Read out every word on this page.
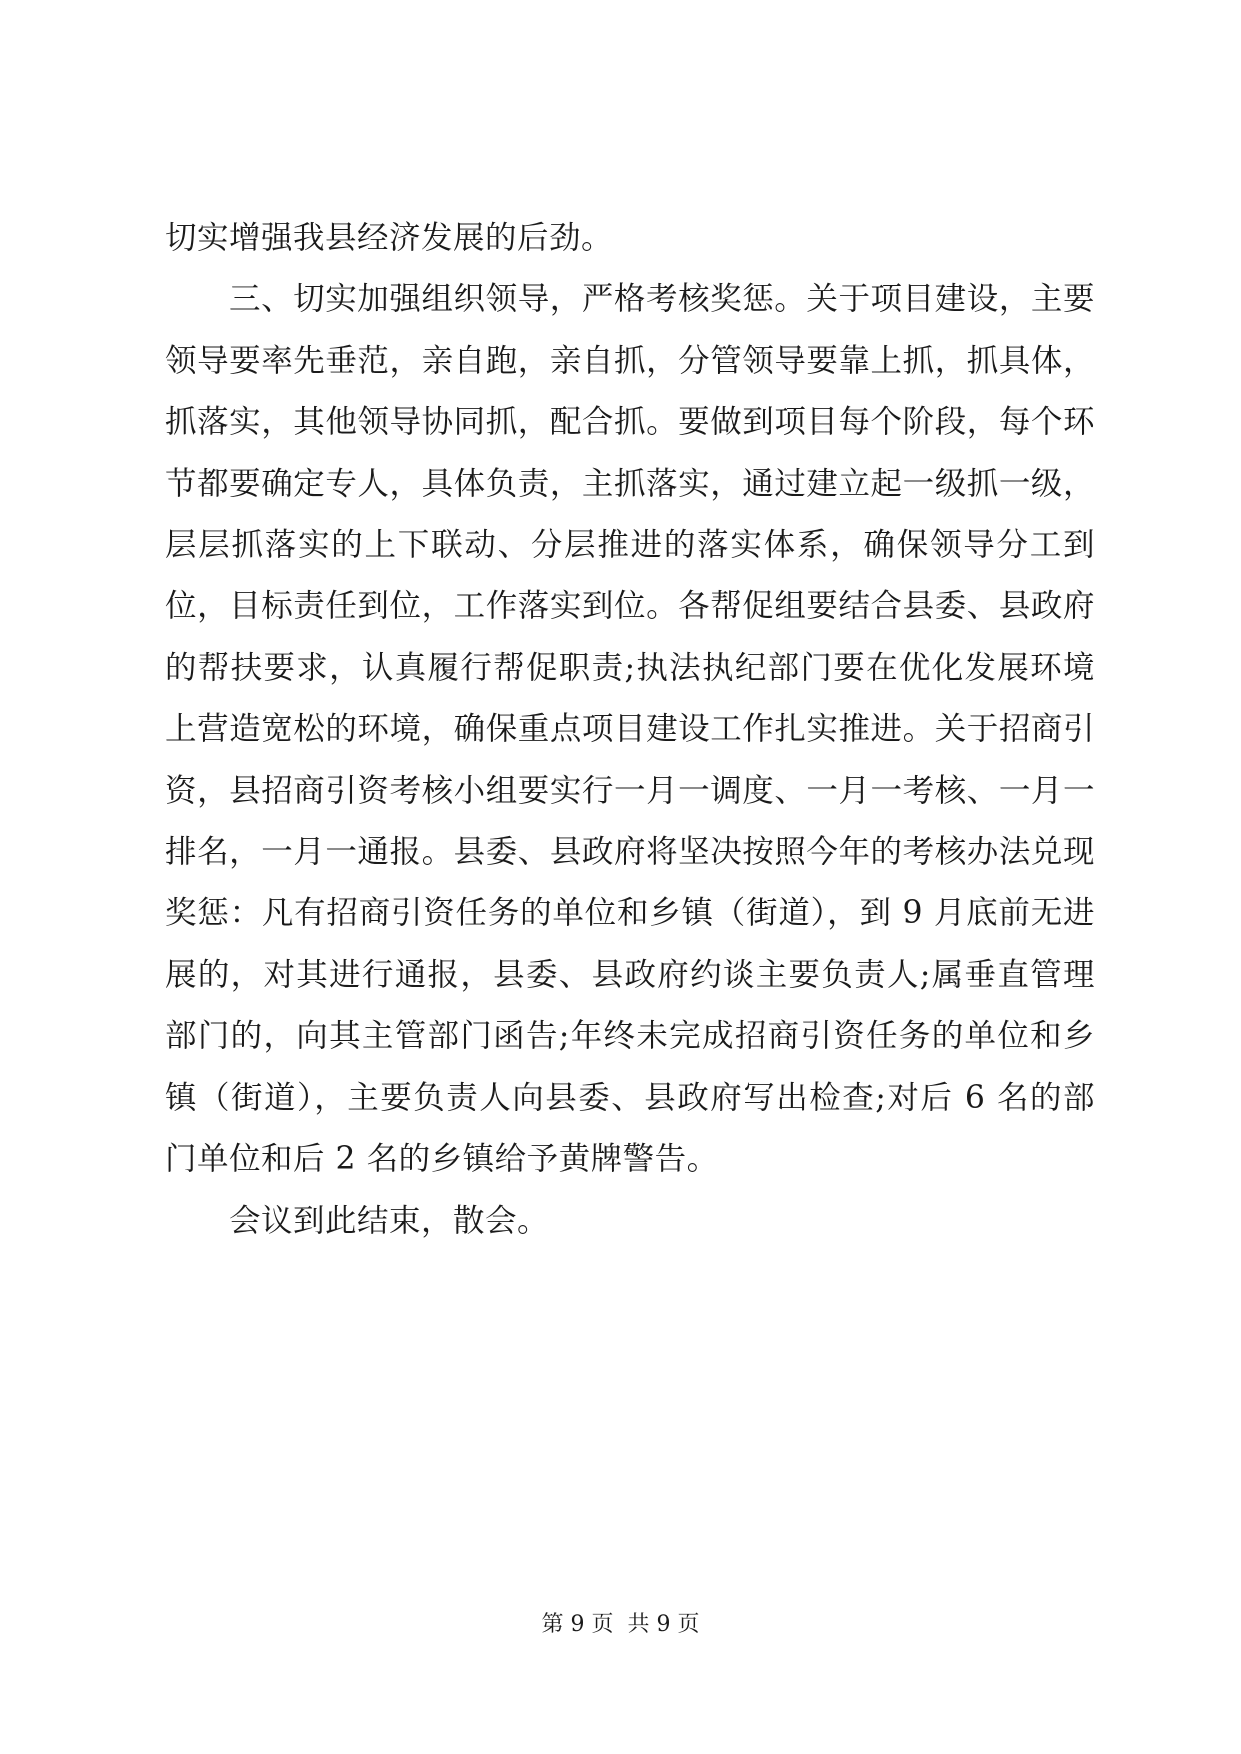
切实增强我县经济发展的后劲。

三、切实加强组织领导，严格考核奖惩。关于项目建设，主要领导要率先垂范，亲自跑，亲自抓，分管领导要靠上抓，抓具体，抓落实，其他领导协同抓，配合抓。要做到项目每个阶段，每个环节都要确定专人，具体负责，主抓落实，通过建立起一级抓一级，层层抓落实的上下联动、分层推进的落实体系，确保领导分工到位，目标责任到位，工作落实到位。各帮促组要结合县委、县政府的帮扶要求，认真履行帮促职责;执法执纪部门要在优化发展环境上营造宽松的环境，确保重点项目建设工作扎实推进。关于招商引资，县招商引资考核小组要实行一月一调度、一月一考核、一月一排名，一月一通报。县委、县政府将坚决按照今年的考核办法兑现奖惩：凡有招商引资任务的单位和乡镇（街道），到 9 月底前无进展的，对其进行通报，县委、县政府约谈主要负责人;属垂直管理部门的，向其主管部门函告;年终未完成招商引资任务的单位和乡镇（街道），主要负责人向县委、县政府写出检查;对后 6 名的部门单位和后 2 名的乡镇给予黄牌警告。

会议到此结束，散会。

第 9 页  共 9 页
